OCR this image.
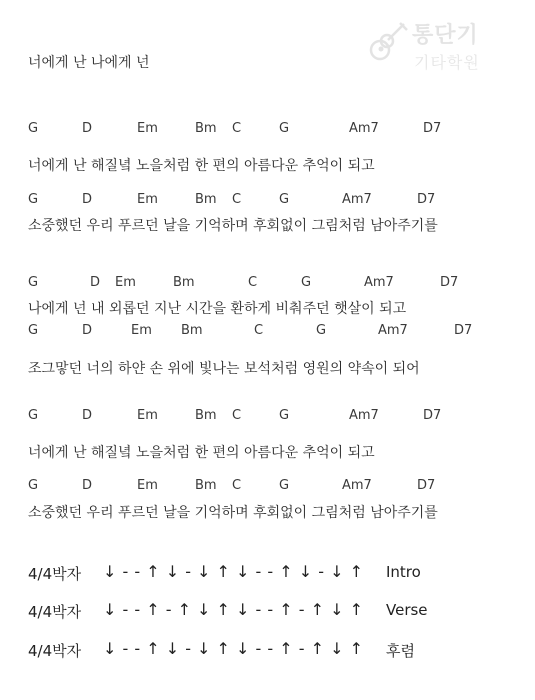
통단기
기타학원
너에게 난 나에게 넌
G	D	Em	Bm C	G	Am7	D7
너에게 난 해질녘 노을처럼 한 편의 아름다운 추억이 되고
G	D	Em	Bm C	G	Am7	D7
소중했던 우리 푸르던 날을 기억하며 후회없이 그림처럼 남아주기를
G	D Em	Bm	C	G	Am7	D7
나에게 넌 내 외롭던 지난 시간을 환하게 비춰주던 햇살이 되고
G	D	Em Bm	C	G	Am7	D7
조그맣던 너의 하얀 손 위에 빛나는 보석처럼 영원의 약속이 되어
G	D	Em	Bm C	G	Am7	D7
너에게 난 해질녘 노을처럼 한 편의 아름다운 추억이 되고
G	D	Em	Bm C	G	Am7	D7
소중했던 우리 푸르던 날을 기억하며 후회없이 그림처럼 남아주기를
4/4박자 ↓ - - ↑ ↓ - ↓ ↑ ↓ - - ↑ ↓ - ↓ ↑ Intro
4/4박자 ↓ - - ↑ - ↑ ↓ ↑ ↓ - - ↑ - ↑ ↓ ↑ Verse
4/4박자 ↓ - - ↑ ↓ - ↓ ↑ ↓ - - ↑ - ↑ ↓ ↑ 후렴
